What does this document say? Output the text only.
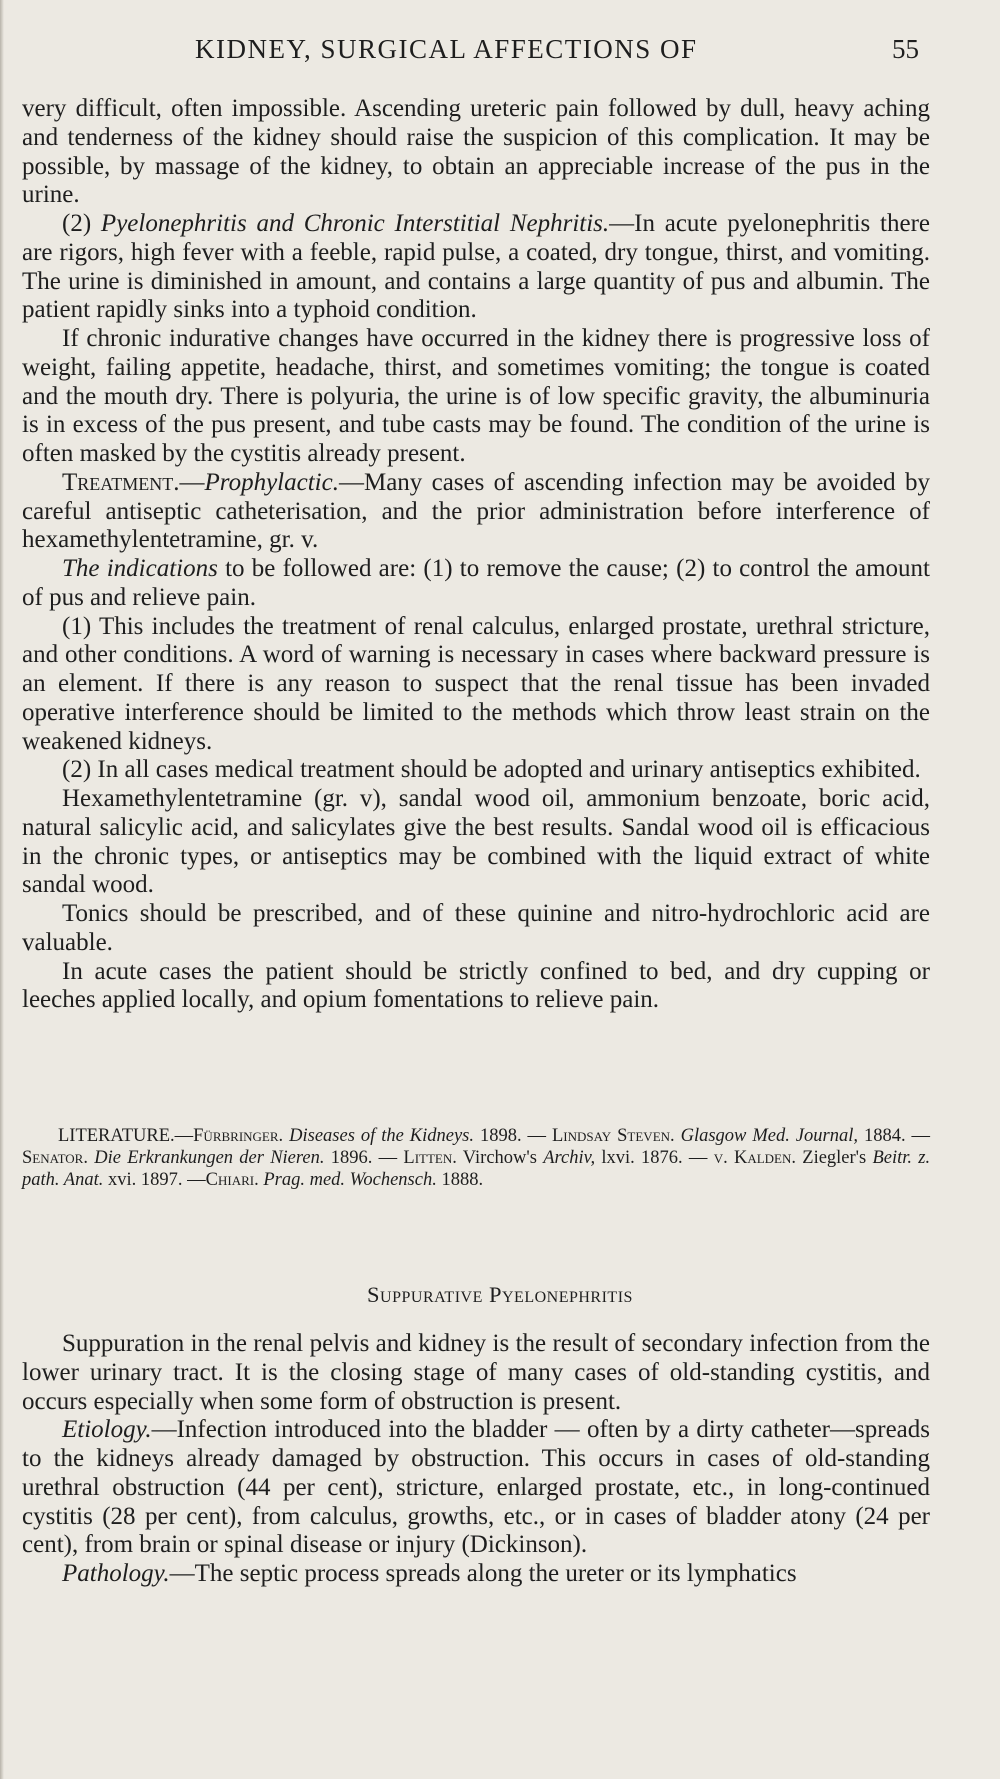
KIDNEY, SURGICAL AFFECTIONS OF	55

very difficult, often impossible. Ascending ureteric pain followed by dull, heavy aching and tenderness of the kidney should raise the suspicion of this complication. It may be possible, by massage of the kidney, to obtain an appreciable increase of the pus in the urine.

(2) Pyelonephritis and Chronic Interstitial Nephritis.—In acute pyelonephritis there are rigors, high fever with a feeble, rapid pulse, a coated, dry tongue, thirst, and vomiting. The urine is diminished in amount, and contains a large quantity of pus and albumin. The patient rapidly sinks into a typhoid condition.

If chronic indurative changes have occurred in the kidney there is progressive loss of weight, failing appetite, headache, thirst, and sometimes vomiting; the tongue is coated and the mouth dry. There is polyuria, the urine is of low specific gravity, the albuminuria is in excess of the pus present, and tube casts may be found. The condition of the urine is often masked by the cystitis already present.

Treatment.—Prophylactic.—Many cases of ascending infection may be avoided by careful antiseptic catheterisation, and the prior administration before interference of hexamethylentetramine, gr. v.

The indications to be followed are: (1) to remove the cause; (2) to control the amount of pus and relieve pain.

(1) This includes the treatment of renal calculus, enlarged prostate, urethral stricture, and other conditions. A word of warning is necessary in cases where backward pressure is an element. If there is any reason to suspect that the renal tissue has been invaded operative interference should be limited to the methods which throw least strain on the weakened kidneys.

(2) In all cases medical treatment should be adopted and urinary antiseptics exhibited.

Hexamethylentetramine (gr. v), sandal wood oil, ammonium benzoate, boric acid, natural salicylic acid, and salicylates give the best results. Sandal wood oil is efficacious in the chronic types, or antiseptics may be combined with the liquid extract of white sandal wood.

Tonics should be prescribed, and of these quinine and nitro-hydrochloric acid are valuable.

In acute cases the patient should be strictly confined to bed, and dry cupping or leeches applied locally, and opium fomentations to relieve pain.

LITERATURE.—Fürbringer. Diseases of the Kidneys. 1898. — Lindsay Steven. Glasgow Med. Journal, 1884. — Senator. Die Erkrankungen der Nieren. 1896. — Litten. Virchow's Archiv, lxvi. 1876. — v. Kalden. Ziegler's Beitr. z. path. Anat. xvi. 1897. —Chiari. Prag. med. Wochensch. 1888.

Suppurative Pyelonephritis

Suppuration in the renal pelvis and kidney is the result of secondary infection from the lower urinary tract. It is the closing stage of many cases of old-standing cystitis, and occurs especially when some form of obstruction is present.

Etiology.—Infection introduced into the bladder — often by a dirty catheter—spreads to the kidneys already damaged by obstruction. This occurs in cases of old-standing urethral obstruction (44 per cent), stricture, enlarged prostate, etc., in long-continued cystitis (28 per cent), from calculus, growths, etc., or in cases of bladder atony (24 per cent), from brain or spinal disease or injury (Dickinson).

Pathology.—The septic process spreads along the ureter or its lymphatics
